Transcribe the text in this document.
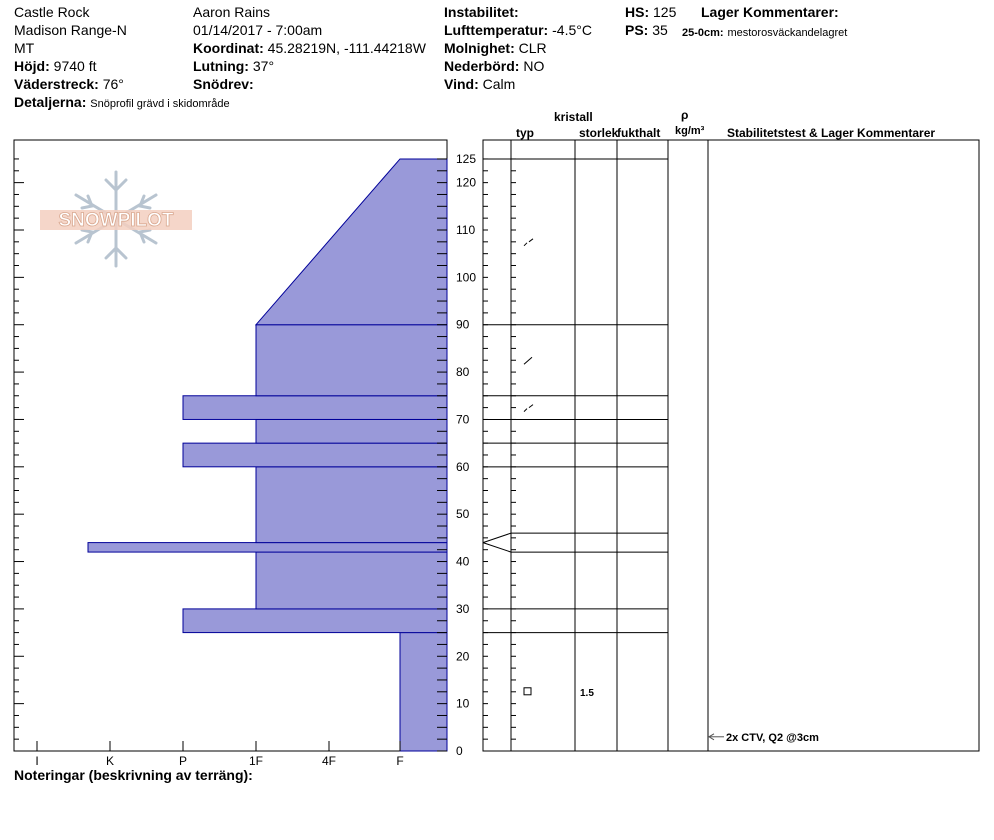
Castle Rock
Madison Range-N
MT
Höjd: 9740 ft
Väderstreck: 76°
Detaljerna: Snöprofil grävd i skidområde
Aaron Rains
01/14/2017 - 7:00am
Koordinat: 45.28219N, -111.44218W
Lutning: 37°
Snödrev:
Instabilitet:
Lufttemperatur: -4.5°C
Molnighet: CLR
Nederbörd: NO
Vind: Calm
HS: 125
PS: 35
Lager Kommentarer:
25-0cm: mestorosväckandelagret
kristall
typ	storlek
fukthalt
ρ
kg/m³ Stabilitetstest & Lager Kommentarer
SNOWPILOT
0
10
20
30
40
50
60
70
80
90
100
110
120
125
I	K	P	1F	4F	F
1.5
2x CTV, Q2 @3cm
Noteringar (beskrivning av terräng):
